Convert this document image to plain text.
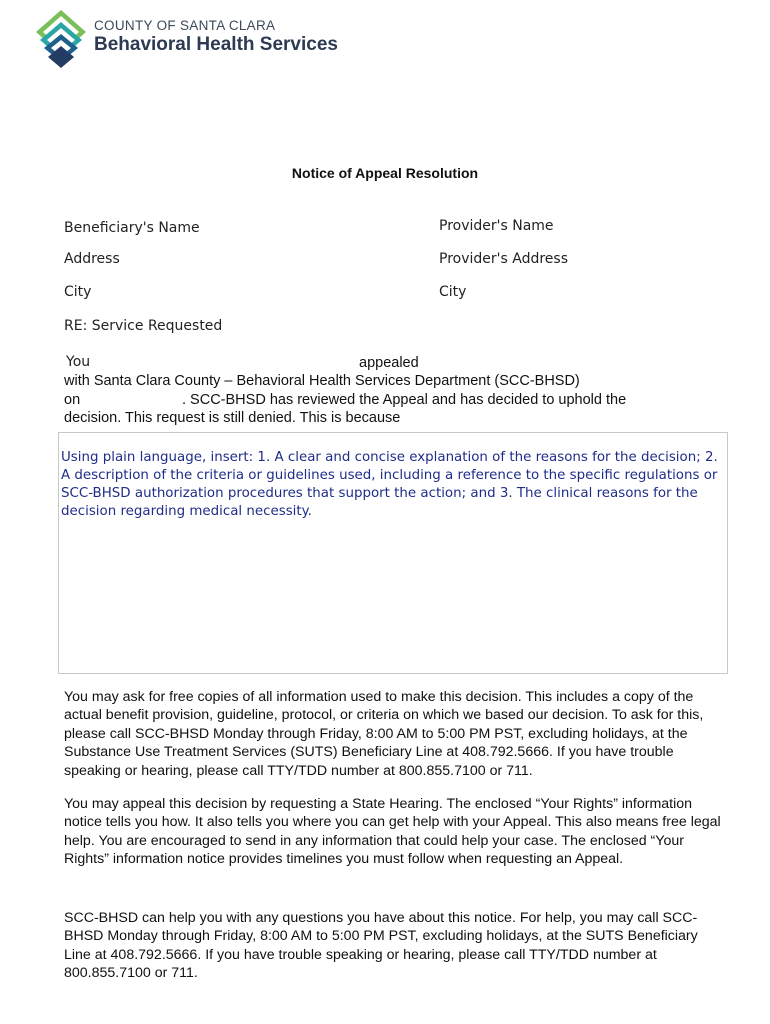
COUNTY OF SANTA CLARA
Behavioral Health Services
Notice of Appeal Resolution
Beneficiary's Name	Provider's Name
Address	Provider's Address
City	City
RE: Service Requested
You	appealed
with Santa Clara County – Behavioral Health Services Department (SCC-BHSD)
on	. SCC-BHSD has reviewed the Appeal and has decided to uphold the
decision. This request is still denied. This is because
Using plain language, insert: 1. A clear and concise explanation of the reasons for the decision; 2. A description of the criteria or guidelines used, including a reference to the specific regulations or SCC-BHSD authorization procedures that support the action; and 3. The clinical reasons for the decision regarding medical necessity.
You may ask for free copies of all information used to make this decision. This includes a copy of the actual benefit provision, guideline, protocol, or criteria on which we based our decision. To ask for this, please call SCC-BHSD Monday through Friday, 8:00 AM to 5:00 PM PST, excluding holidays, at the Substance Use Treatment Services (SUTS) Beneficiary Line at 408.792.5666. If you have trouble speaking or hearing, please call TTY/TDD number at 800.855.7100 or 711.
You may appeal this decision by requesting a State Hearing. The enclosed “Your Rights” information notice tells you how. It also tells you where you can get help with your Appeal. This also means free legal help. You are encouraged to send in any information that could help your case. The enclosed “Your Rights” information notice provides timelines you must follow when requesting an Appeal.
SCC-BHSD can help you with any questions you have about this notice. For help, you may call SCC-BHSD Monday through Friday, 8:00 AM to 5:00 PM PST, excluding holidays, at the SUTS Beneficiary Line at 408.792.5666. If you have trouble speaking or hearing, please call TTY/TDD number at 800.855.7100 or 711.
